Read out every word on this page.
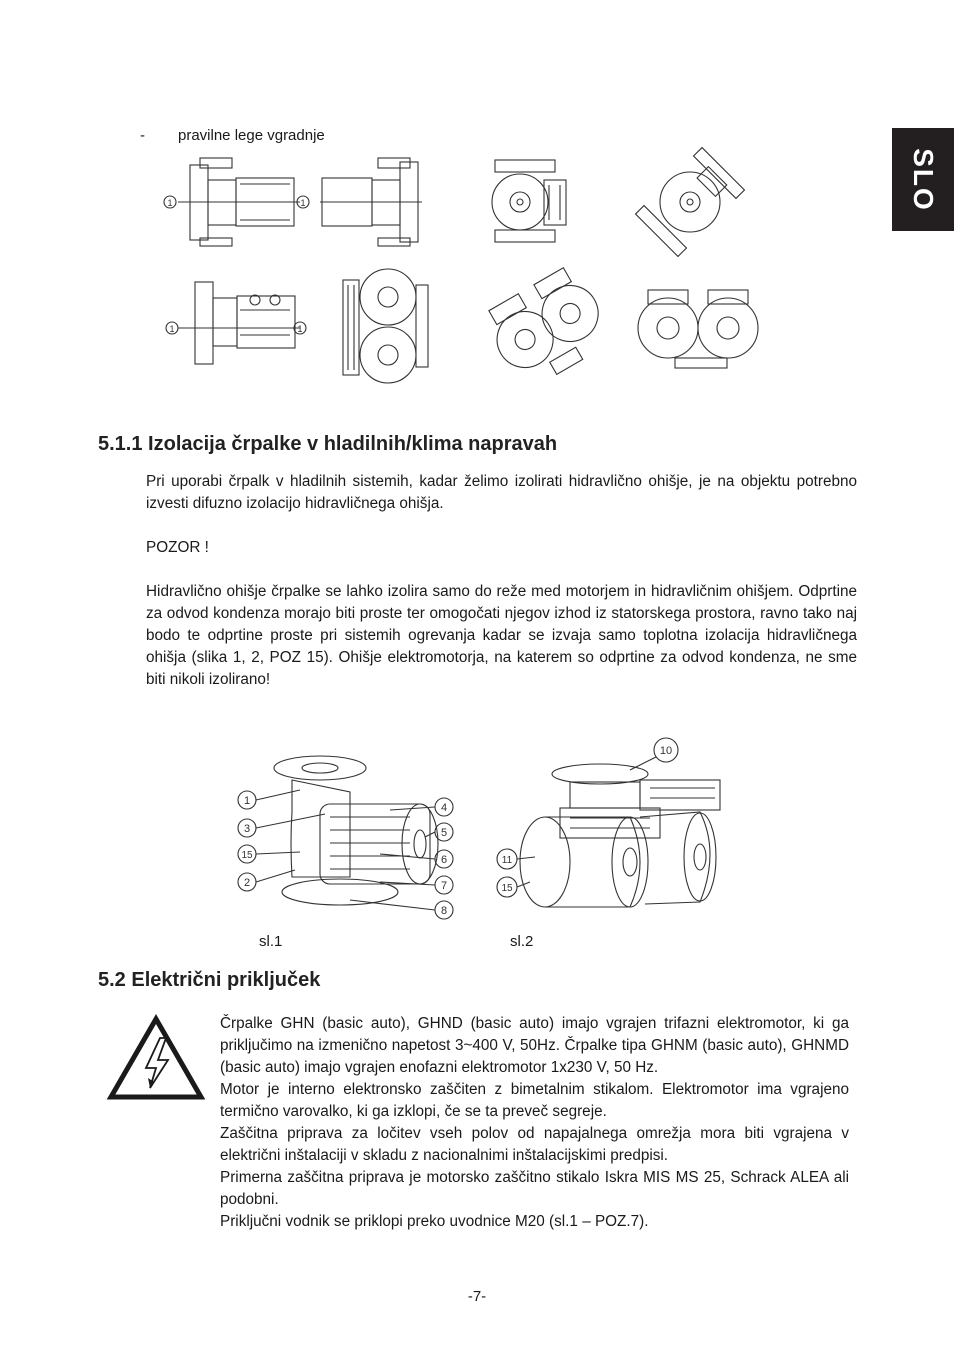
SLO
- pravilne lege vgradnje
1	1
1	1
5.1.1 Izolacija črpalke v hladilnih/klima napravah
Pri uporabi črpalk v hladilnih sistemih, kadar želimo izolirati hidravlično ohišje, je na objektu potrebno izvesti difuzno izolacijo hidravličnega ohišja.
POZOR !
Hidravlično ohišje črpalke se lahko izolira samo do reže med motorjem in hidravličnim ohišjem. Odprtine za odvod kondenza morajo biti proste ter omogočati njegov izhod iz statorskega prostora, ravno tako naj bodo te odprtine proste pri sistemih ogrevanja kadar se izvaja samo toplotna izolacija hidravličnega ohišja (slika 1, 2, POZ 15). Ohišje elektromotorja, na katerem so odprtine za odvod kondenza, ne sme biti nikoli izolirano!
1
3
15
2
4
5
6
7
8
10
11
15
sl.1	sl.2
5.2 Električni priključek
Črpalke GHN (basic auto), GHND (basic auto) imajo vgrajen trifazni elektromotor, ki ga priključimo na izmenično napetost 3~400 V, 50Hz. Črpalke tipa GHNM (basic auto), GHNMD (basic auto) imajo vgrajen enofazni elektromotor 1x230 V, 50 Hz.
Motor je interno elektronsko zaščiten z bimetalnim stikalom. Elektromotor ima vgrajeno termično varovalko, ki ga izklopi, če se ta preveč segreje.
Zaščitna priprava za ločitev vseh polov od napajalnega omrežja mora biti vgrajena v električni inštalaciji v skladu z nacionalnimi inštalacijskimi predpisi.
Primerna zaščitna priprava je motorsko zaščitno stikalo Iskra MIS MS 25, Schrack ALEA ali podobni.
Priključni vodnik se priklopi preko uvodnice M20 (sl.1 – POZ.7).
-7-
